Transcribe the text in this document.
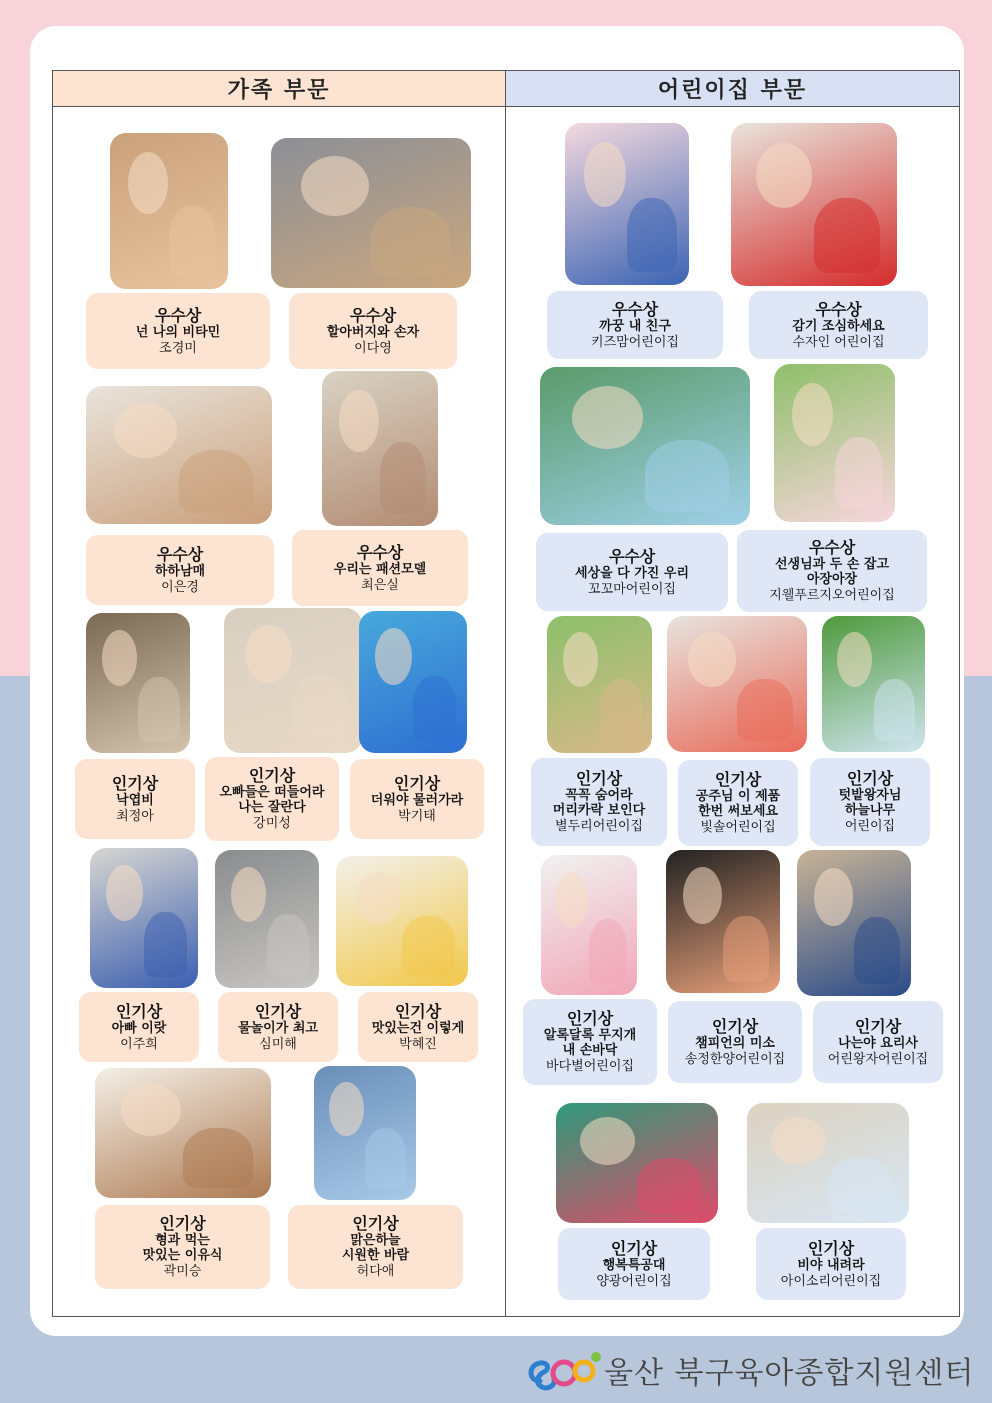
가족 부문	어린이집 부문
우수상
넌 나의 비타민
조경미
우수상
할아버지와 손자
이다영
우수상
하하남매
이은경
우수상
우리는 패션모델
최은실
인기상
낙엽비
최정아
인기상
오빠들은 떠들어라
나는 잘란다
강미성
인기상
더워야 물러가라
박기태
인기상
아빠 이랏
이주희
인기상
물놀이가 최고
심미해
인기상
맛있는건 이렇게
박혜진
인기상
형과 먹는
맛있는 이유식
곽미승
인기상
맑은하늘
시원한 바람
허다애
우수상
까꿍 내 친구
키즈맘어린이집
우수상
감기 조심하세요
수자인 어린이집
우수상
세상을 다 가진 우리
꼬꼬마어린이집
우수상
선생님과 두 손 잡고
아장아장
지웰푸르지오어린이집
인기상
꼭꼭 숨어라
머리카락 보인다
별두리어린이집
인기상
공주님 이 제품
한번 써보세요
빛솔어린이집
인기상
텃밭왕자님
하늘나무
어린이집
인기상
알록달록 무지개
내 손바닥
바다별어린이집
인기상
챔피언의 미소
송정한양어린이집
인기상
나는야 요리사
어린왕자어린이집
인기상
행복특공대
양광어린이집
인기상
비야 내려라
아이소리어린이집
울산 북구육아종합지원센터
